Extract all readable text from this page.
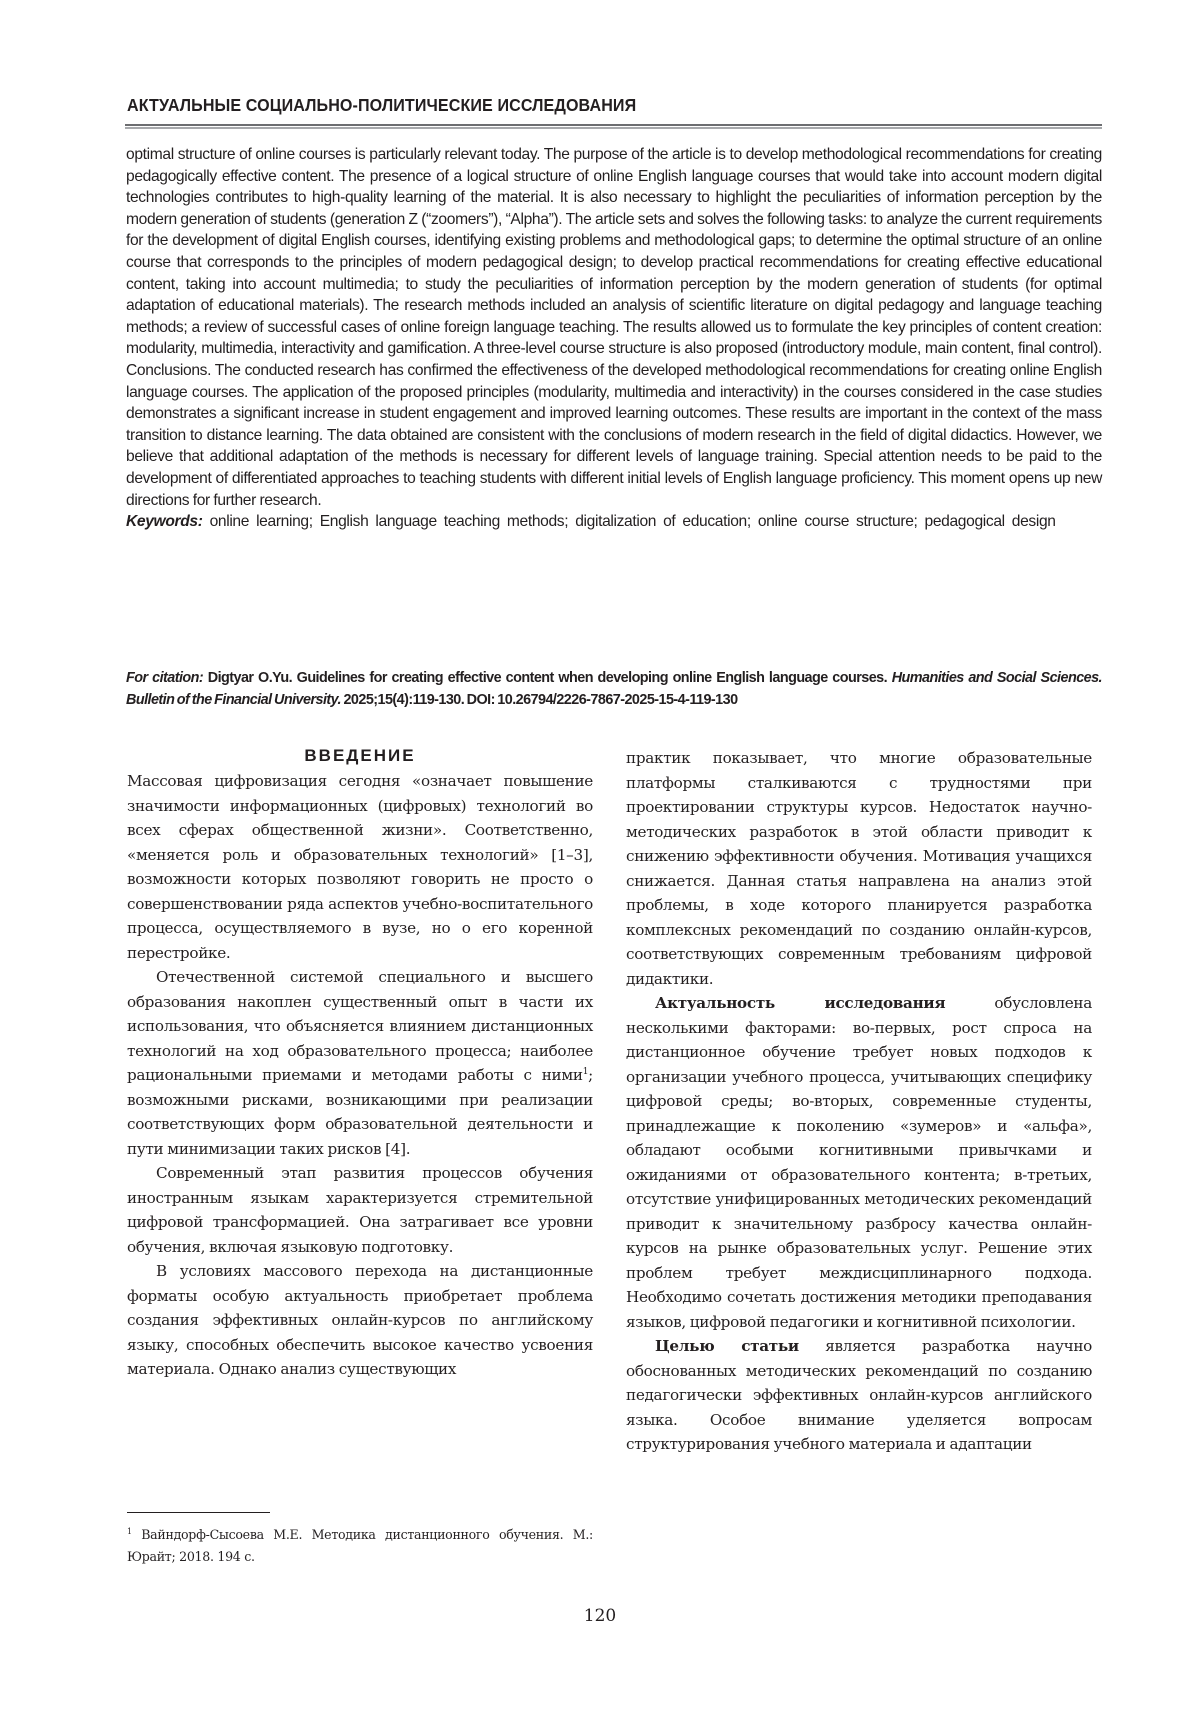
АКТУАЛЬНЫЕ СОЦИАЛЬНО-ПОЛИТИЧЕСКИЕ ИССЛЕДОВАНИЯ

optimal structure of online courses is particularly relevant today. The purpose of the article is to develop methodological recommendations for creating pedagogically effective content. The presence of a logical structure of online English language courses that would take into account modern digital technologies contributes to high-quality learning of the material. It is also necessary to highlight the peculiarities of information perception by the modern generation of students (generation Z (“zoomers”), “Alpha”). The article sets and solves the following tasks: to analyze the current requirements for the development of digital English courses, identifying existing problems and methodological gaps; to determine the optimal structure of an online course that corresponds to the principles of modern pedagogical design; to develop practical recommendations for creating effective educational content, taking into account multimedia; to study the peculiarities of information perception by the modern generation of students (for optimal adaptation of educational materials). The research methods included an analysis of scientific literature on digital pedagogy and language teaching methods; a review of successful cases of online foreign language teaching. The results allowed us to formulate the key principles of content creation: modularity, multimedia, interactivity and gamification. A three-level course structure is also proposed (introductory module, main content, final control). Conclusions. The conducted research has confirmed the effectiveness of the developed methodological recommendations for creating online English language courses. The application of the proposed principles (modularity, multimedia and interactivity) in the courses considered in the case studies demonstrates a significant increase in student engagement and improved learning outcomes. These results are important in the context of the mass transition to distance learning. The data obtained are consistent with the conclusions of modern research in the field of digital didactics. However, we believe that additional adaptation of the methods is necessary for different levels of language training. Special attention needs to be paid to the development of differentiated approaches to teaching students with different initial levels of English language proficiency. This moment opens up new directions for further research.

Keywords: online learning; English language teaching methods; digitalization of education; online course structure; pedagogical design

For citation: Digtyar O.Yu. Guidelines for creating effective content when developing online English language courses. Humanities and Social Sciences. Bulletin of the Financial University. 2025;15(4):119-130. DOI: 10.26794/2226-7867-2025-15-4-119-130
ВВЕДЕНИЕ

Массовая цифровизация сегодня «означает повышение значимости информационных (цифровых) технологий во всех сферах общественной жизни». Соответственно, «меняется роль и образовательных технологий» [1–3], возможности которых позволяют говорить не просто о совершенствовании ряда аспектов учебно-воспитательного процесса, осуществляемого в вузе, но о его коренной перестройке.

Отечественной системой специального и высшего образования накоплен существенный опыт в части их использования, что объясняется влиянием дистанционных технологий на ход образовательного процесса; наиболее рациональными приемами и методами работы с ними$^1$; возможными рисками, возникающими при реализации соответствующих форм образовательной деятельности и пути минимизации таких рисков [4].

Современный этап развития процессов обучения иностранным языкам характеризуется стремительной цифровой трансформацией. Она затрагивает все уровни обучения, включая языковую подготовку.

В условиях массового перехода на дистанционные форматы особую актуальность приобретает проблема создания эффективных онлайн-курсов по английскому языку, способных обеспечить высокое качество усвоения материала. Однако анализ существующих

практик показывает, что многие образовательные платформы сталкиваются с трудностями при проектировании структуры курсов. Недостаток научно-методических разработок в этой области приводит к снижению эффективности обучения. Мотивация учащихся снижается. Данная статья направлена на анализ этой проблемы, в ходе которого планируется разработка комплексных рекомендаций по созданию онлайн-курсов, соответствующих современным требованиям цифровой дидактики.

Актуальность исследования обусловлена несколькими факторами: во-первых, рост спроса на дистанционное обучение требует новых подходов к организации учебного процесса, учитывающих специфику цифровой среды; во-вторых, современные студенты, принадлежащие к поколению «зумеров» и «альфа», обладают особыми когнитивными привычками и ожиданиями от образовательного контента; в-третьих, отсутствие унифицированных методических рекомендаций приводит к значительному разбросу качества онлайн-курсов на рынке образовательных услуг. Решение этих проблем требует междисциплинарного подхода. Необходимо сочетать достижения методики преподавания языков, цифровой педагогики и когнитивной психологии.

Целью статьи является разработка научно обоснованных методических рекомендаций по созданию педагогически эффективных онлайн-курсов английского языка. Особое внимание уделяется вопросам структурирования учебного материала и адаптации

$^1$ Вайндорф-Сысоева М.Е. Методика дистанционного обучения. М.: Юрайт; 2018. 194 с.
120
